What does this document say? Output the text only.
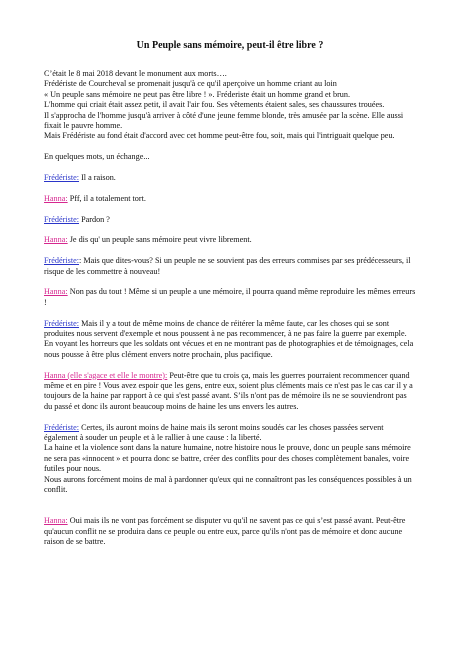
Un Peuple sans mémoire, peut-il être libre ?

C’était le 8 mai 2018 devant le monument aux morts….
Frédériste de Courcheval se promenait jusqu'à ce qu'il aperçoive un homme criant au loin
« Un peuple sans mémoire ne peut pas être libre ! ». Fréderiste était un homme grand et brun.
L'homme qui criait était assez petit, il avait l'air fou. Ses vêtements étaient sales, ses chaussures trouées.
Il s'approcha de l'homme jusqu'à arriver à côté d'une jeune femme blonde, très amusée par la scène. Elle aussi fixait le pauvre homme.
Mais Frédériste au fond était d'accord avec cet homme peut-être fou, soit, mais qui l'intriguait quelque peu.

En quelques mots, un échange...

Frédériste: Il a raison.

Hanna: Pff, il a totalement tort.

Frédériste: Pardon ?

Hanna: Je dis qu' un peuple sans mémoire peut vivre librement.

Frédériste:: Mais que dites-vous? Si un peuple ne se souvient pas des erreurs commises par ses prédécesseurs, il risque de les commettre à nouveau!

Hanna: Non pas du tout ! Même si un peuple a une mémoire, il pourra quand même reproduire les mêmes erreurs !

Frédériste: Mais il y a tout de même moins de chance de réitérer la même faute, car les choses qui se sont produites nous servent d'exemple et nous poussent à ne pas recommencer, à ne pas faire la guerre par exemple. En voyant les horreurs que les soldats ont vécues et en ne montrant pas de photographies et de témoignages, cela nous pousse à être plus clément envers notre prochain, plus pacifique.

Hanna (elle s'agace et elle le montre): Peut-être que tu crois ça, mais les guerres pourraient recommencer quand même et en pire ! Vous avez espoir que les gens, entre eux, soient plus cléments mais ce n'est pas le cas car il y a toujours de la haine par rapport à ce qui s'est passé avant. S’ils n'ont pas de mémoire ils ne se souviendront pas du passé et donc ils auront beaucoup moins de haine les uns envers les autres.

Frédériste: Certes, ils auront moins de haine mais ils seront moins soudés car les choses passées servent également à souder un peuple et à le rallier à une cause : la liberté.
La haine et la violence sont dans la nature humaine, notre histoire nous le prouve, donc un peuple sans mémoire ne sera pas «innocent » et pourra donc se battre, créer des conflits pour des choses complètement banales, voire futiles pour nous.
Nous aurons forcément moins de mal à pardonner qu'eux qui ne connaîtront pas les conséquences possibles à un conflit.

Hanna: Oui mais ils ne vont pas forcément se disputer vu qu'il ne savent pas ce qui s’est passé avant. Peut-être qu'aucun conflit ne se produira dans ce peuple ou entre eux, parce qu'ils n'ont pas de mémoire et donc aucune raison de se battre.
